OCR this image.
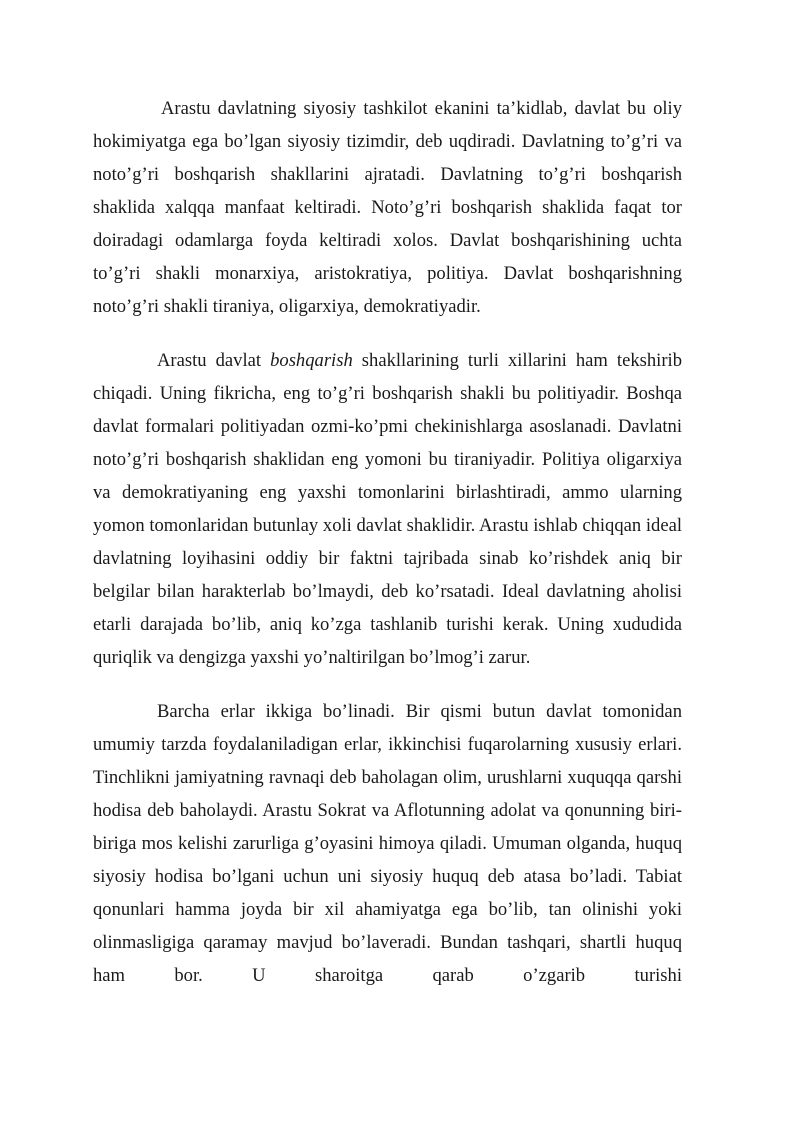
Arastu davlatning siyosiy tashkilot ekanini ta’kidlab, davlat bu oliy hokimiyatga ega bo’lgan siyosiy tizimdir, deb uqdiradi. Davlatning to’g’ri va noto’g’ri boshqarish shakllarini ajratadi. Davlatning to’g’ri boshqarish shaklida xalqqa manfaat keltiradi. Noto’g’ri boshqarish shaklida faqat tor doiradagi odamlarga foyda keltiradi xolos. Davlat boshqarishining uchta to’g’ri shakli monarxiya, aristokratiya, politiya. Davlat boshqarishning noto’g’ri shakli tiraniya, oligarxiya, demokratiyadir.

Arastu davlat boshqarish shakllarining turli xillarini ham tekshirib chiqadi. Uning fikricha, eng to’g’ri boshqarish shakli bu politiyadir. Boshqa davlat formalari politiyadan ozmi-ko’pmi chekinishlarga asoslanadi. Davlatni noto’g’ri boshqarish shaklidan eng yomoni bu tiraniyadir. Politiya oligarxiya va demokratiyaning eng yaxshi tomonlarini birlashtiradi, ammo ularning yomon tomonlaridan butunlay xoli davlat shaklidir. Arastu ishlab chiqqan ideal davlatning loyihasini oddiy bir faktni tajribada sinab ko’rishdek aniq bir belgilar bilan harakterlab bo’lmaydi, deb ko’rsatadi. Ideal davlatning aholisi etarli darajada bo’lib, aniq ko’zga tashlanib turishi kerak. Uning xududida quriqlik va dengizga yaxshi yo’naltirilgan bo’lmog’i zarur.

Barcha erlar ikkiga bo’linadi. Bir qismi butun davlat tomonidan umumiy tarzda foydalaniladigan erlar, ikkinchisi fuqarolarning xususiy erlari. Tinchlikni jamiyatning ravnaqi deb baholagan olim, urushlarni xuquqqa qarshi hodisa deb baholaydi. Arastu Sokrat va Aflotunning adolat va qonunning biri-biriga mos kelishi zarurliga g’oyasini himoya qiladi. Umuman olganda, huquq siyosiy hodisa bo’lgani uchun uni siyosiy huquq deb atasa bo’ladi. Tabiat qonunlari hamma joyda bir xil ahamiyatga ega bo’lib, tan olinishi yoki olinmasligiga qaramay mavjud bo’laveradi. Bundan tashqari, shartli huquq ham bor. U sharoitga qarab o’zgarib turishi
